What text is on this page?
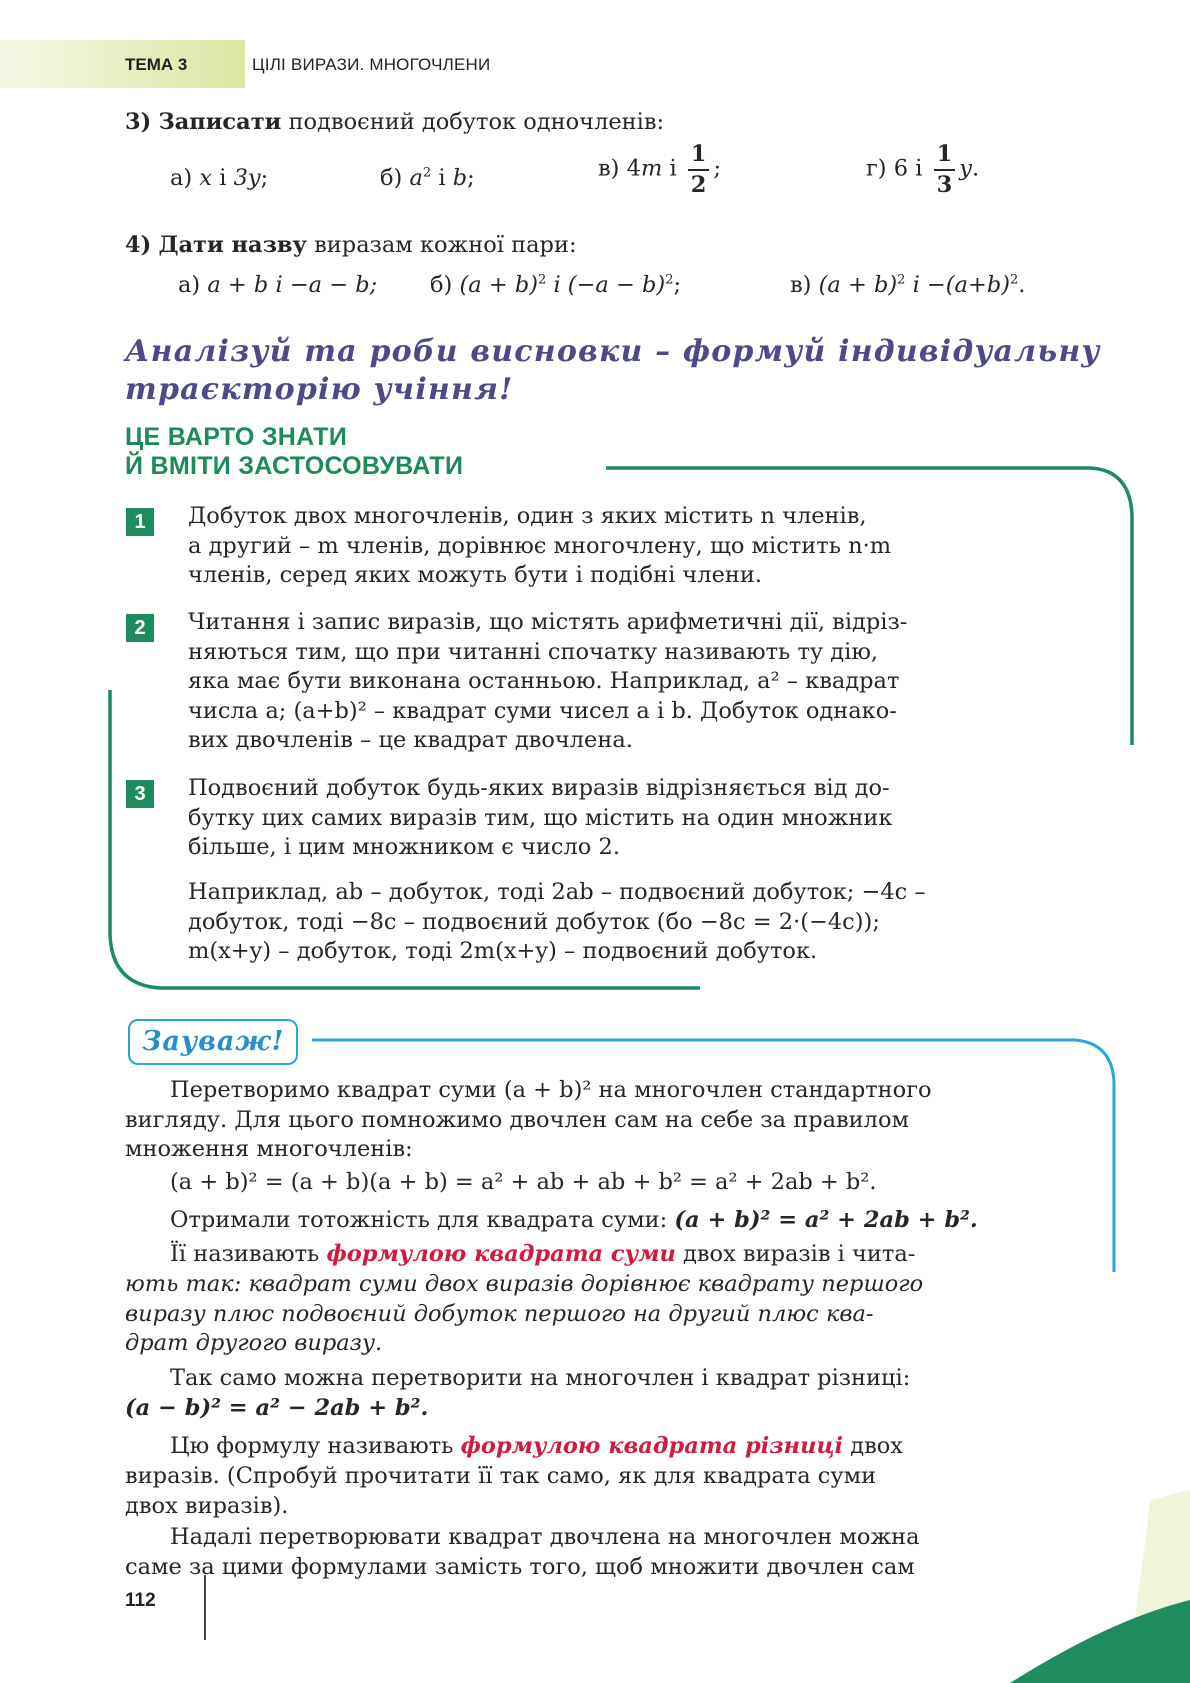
ТЕМА 3	ЦІЛІ ВИРАЗИ. МНОГОЧЛЕНИ
3) Записати подвоєний добуток одночленів:
а) x і 3y;	б) $a^2$ і b;	в) 4m і $\frac{1}{2}$ ;	г) 6 і $\frac{1}{3} y$.
4) Дати назву виразам кожної пари:
а) a + b і −a − b; б) $(a + b)^2$ і $(-a - b)^2$;	в) $(a + b)^2$ $і -(a+b)^2$.
Аналізуй та роби висновки – формуй індивідуальну
траєкторію учіння!
ЦЕ ВАРТО ЗНАТИ
Й ВМІТИ ЗАСТОСОВУВАТИ
1	Добуток двох многочленів, один з яких містить n членів,
а другий – m членів, дорівнює многочлену, що містить n·m
членів, серед яких можуть бути і подібні члени.
2	Читання і запис виразів, що містять арифметичні дії, відріз-
няються тим, що при читанні спочатку називають ту дію,
яка має бути виконана останньою. Наприклад, a² – квадрат
числа a; (a+b)² – квадрат суми чисел a і b. Добуток однако-
вих двочленів – це квадрат двочлена.
3	Подвоєний добуток будь-яких виразів відрізняється від до-
бутку цих самих виразів тим, що містить на один множник
більше, і цим множником є число 2.
Наприклад, ab – добуток, тоді 2ab – подвоєний добуток; −4c –
добуток, тоді −8c – подвоєний добуток (бо −8c = 2·(−4c));
m(x+y) – добуток, тоді 2m(x+y) – подвоєний добуток.
Зауваж!
Перетворимо квадрат суми (a + b)² на многочлен стандартного
вигляду. Для цього помножимо двочлен сам на себе за правилом
множення многочленів:
(a + b)² = (a + b)(a + b) = a² + ab + ab + b² = a² + 2ab + b².
Отримали тотожність для квадрата суми: (a + b)² = a² + 2ab + b².
Її називають формулою квадрата суми двох виразів і чита-
ють так: квадрат суми двох виразів дорівнює квадрату першого
виразу плюс подвоєний добуток першого на другий плюс ква-
драт другого виразу.
Так само можна перетворити на многочлен і квадрат різниці:
(a − b)² = a² − 2ab + b².
Цю формулу називають формулою квадрата різниці двох
виразів. (Спробуй прочитати її так само, як для квадрата суми
двох виразів).
Надалі перетворювати квадрат двочлена на многочлен можна
саме за цими формулами замість того, щоб множити двочлен сам
112
